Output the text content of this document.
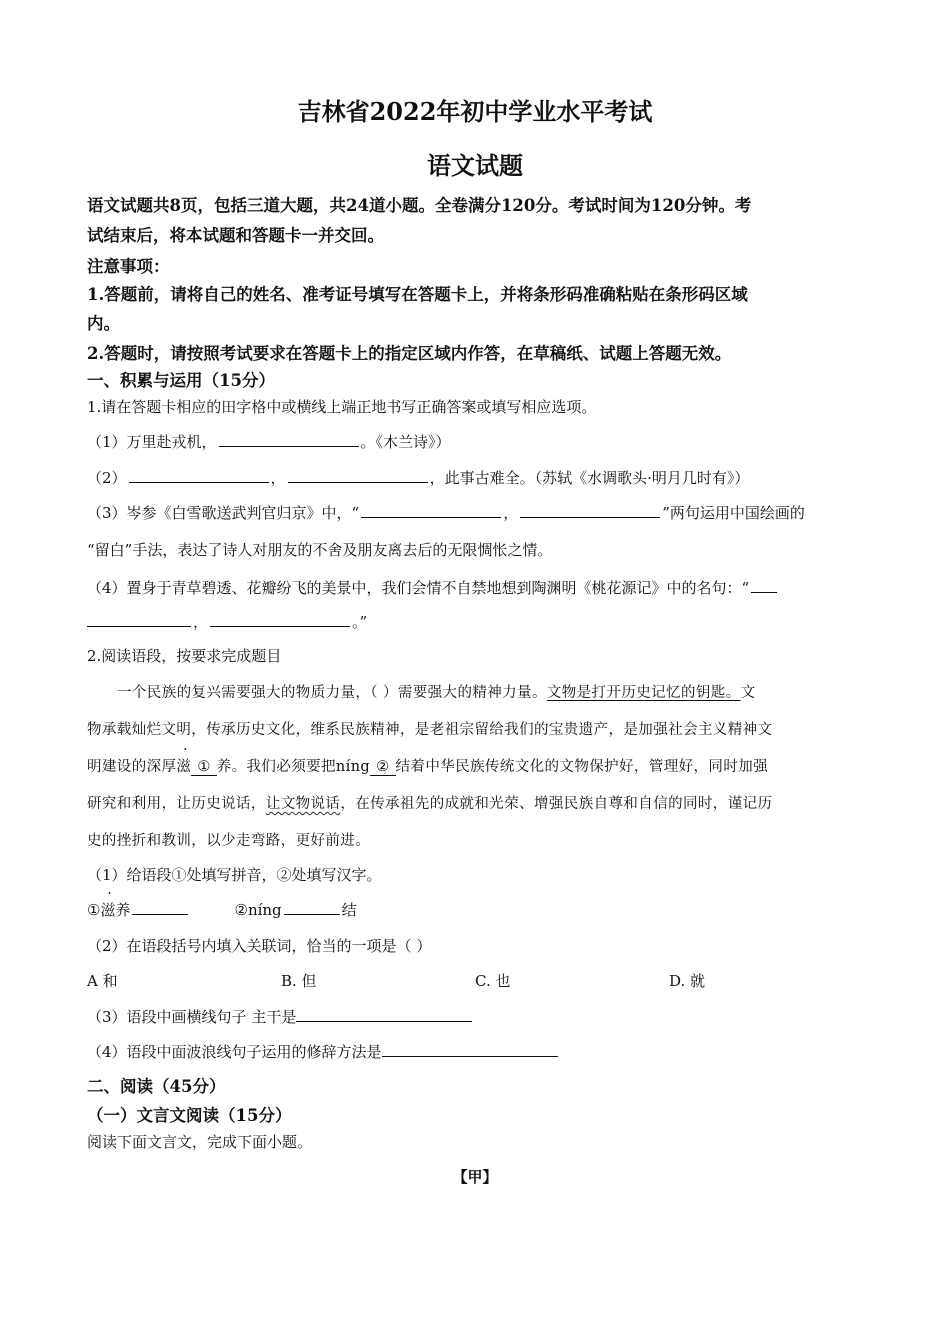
吉林省2022年初中学业水平考试
语文试题
语文试题共8页，包括三道大题，共24道小题。全卷满分120分。考试时间为120分钟。考
试结束后，将本试题和答题卡一并交回。
注意事项：
1.答题前，请将自己的姓名、准考证号填写在答题卡上，并将条形码准确粘贴在条形码区域
内。
2.答题时，请按照考试要求在答题卡上的指定区域内作答，在草稿纸、试题上答题无效。
一、积累与运用（15分）
1.请在答题卡相应的田字格中或横线上端正地书写正确答案或填写相应选项。
（1）万里赴戎机，	。《木兰诗》）
（2）	，	，此事古难全。（苏轼《水调歌头·明月几时有》）
（3）岑参《白雪歌送武判官归京》中，“	，	”两句运用中国绘画的
“留白”手法，表达了诗人对朋友的不舍及朋友离去后的无限惆怅之情。
（4）置身于青草碧透、花瓣纷飞的美景中，我们会情不自禁地想到陶渊明《桃花源记》中的名句：“
，	。”
2.阅读语段，按要求完成题目
一个民族的复兴需要强大的物质力量，（ ）需要强大的精神力量。文物是打开历史记忆的钥匙。文
物承载灿烂文明，传承历史文化，维系民族精神，是老祖宗留给我们的宝贵遗产，是加强社会主义精神文
明建设的深厚滋 ① 养。我们必须要把níng ② 结着中华民族传统文化的文物保护好，管理好，同时加强
研究和利用，让历史说话，让文物说话，在传承祖先的成就和光荣、增强民族自尊和自信的同时，谨记历
史的挫折和教训，以少走弯路，更好前进。
（1）给语段①处填写拼音，②处填写汉字。
①滋养	②níng	结
（2）在语段括号内填入关联词，恰当的一项是（ ）
A 和	B. 但	C. 也	D. 就
（3）语段中画横线句子 主干是
（4）语段中面波浪线句子运用的修辞方法是
二、阅读（45分）
（一）文言文阅读（15分）
阅读下面文言文，完成下面小题。
【甲】
